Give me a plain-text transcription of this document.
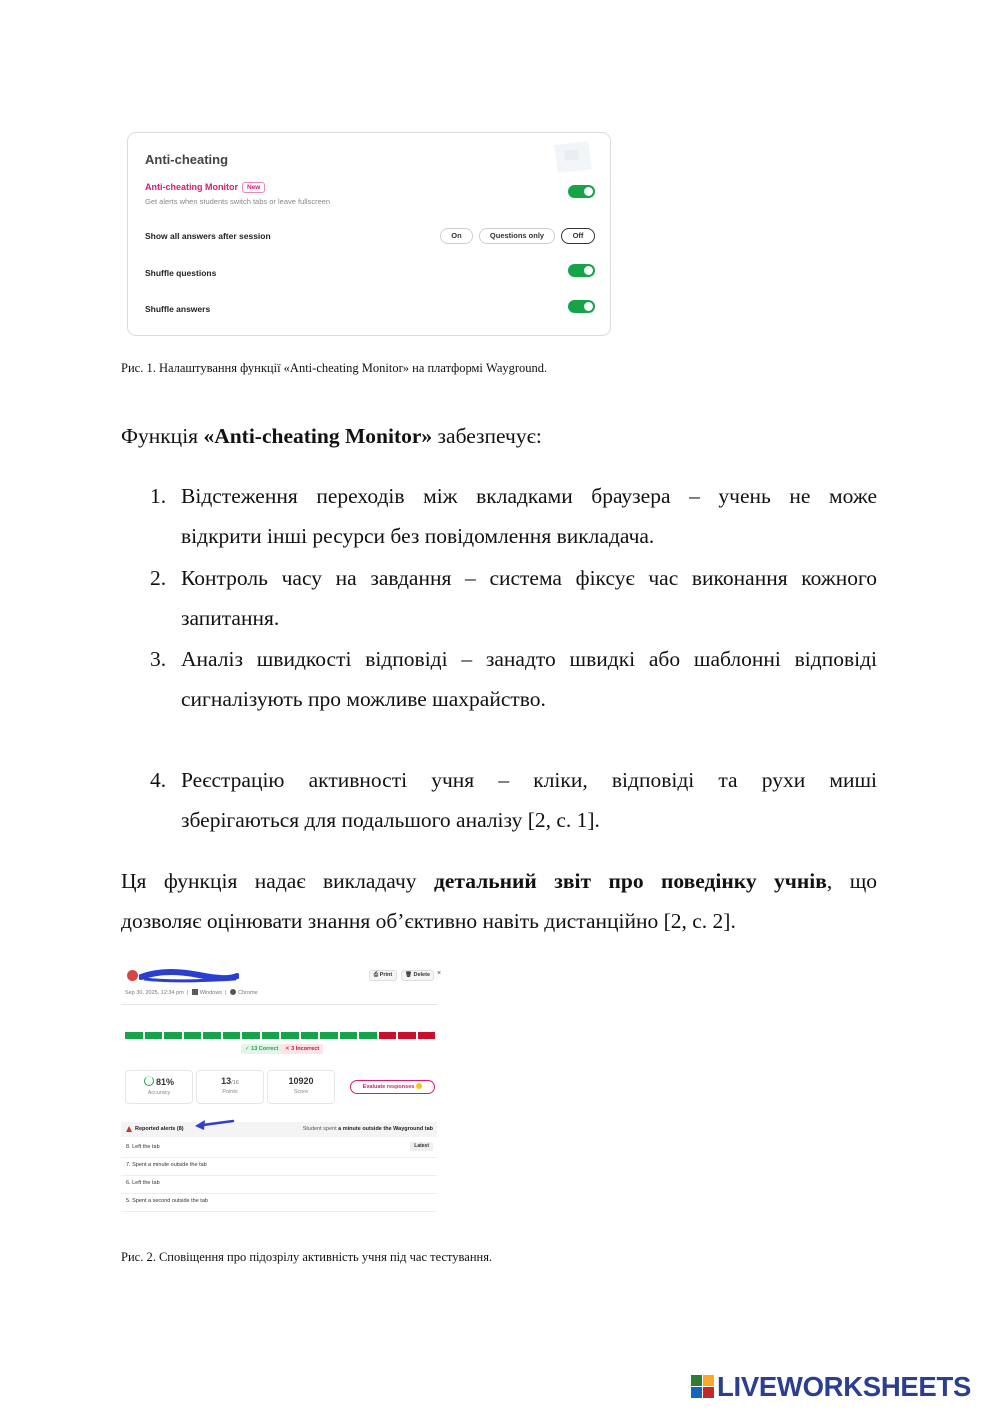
Anti-cheating
Anti-cheating Monitor New
Get alerts when students switch tabs or leave fullscreen
Show all answers after session	On	Questions only	Off
Shuffle questions
Shuffle answers
Рис. 1. Налаштування функції «Anti-cheating Monitor» на платформі Wayground.
Функція «Anti-cheating Monitor» забезпечує:
1. Відстеження переходів між вкладками браузера – учень не може
відкрити інші ресурси без повідомлення викладача.
2. Контроль часу на завдання – система фіксує час виконання кожного
запитання.
3. Аналіз швидкості відповіді – занадто швидкі або шаблонні відповіді
сигналізують про можливе шахрайство.
4. Реєстрацію активності учня – кліки, відповіді та рухи миші
зберігаються для подальшого аналізу [2, с. 1].
Ця функція надає викладачу детальний звіт про поведінку учнів, що
дозволяє оцінювати знання об’єктивно навіть дистанційно [2, с. 2].
⎙ Print	🗑 Delete ×
Sep 30, 2025, 12:34 pm  | Windows  | Chrome
✓ 13 Correct	✕ 3 Incorrect
81%
Accuracy
13/16
Points
10920
Score
Evaluate responses
Reported alerts (8)	Student spent a minute outside the Wayground tab
8. Left the tab	Latest
7. Spent a minute outside the tab
6. Left the tab
5. Spent a second outside the tab
Рис. 2. Сповіщення про підозрілу активність учня під час тестування.
LIVEWORKSHEETS
